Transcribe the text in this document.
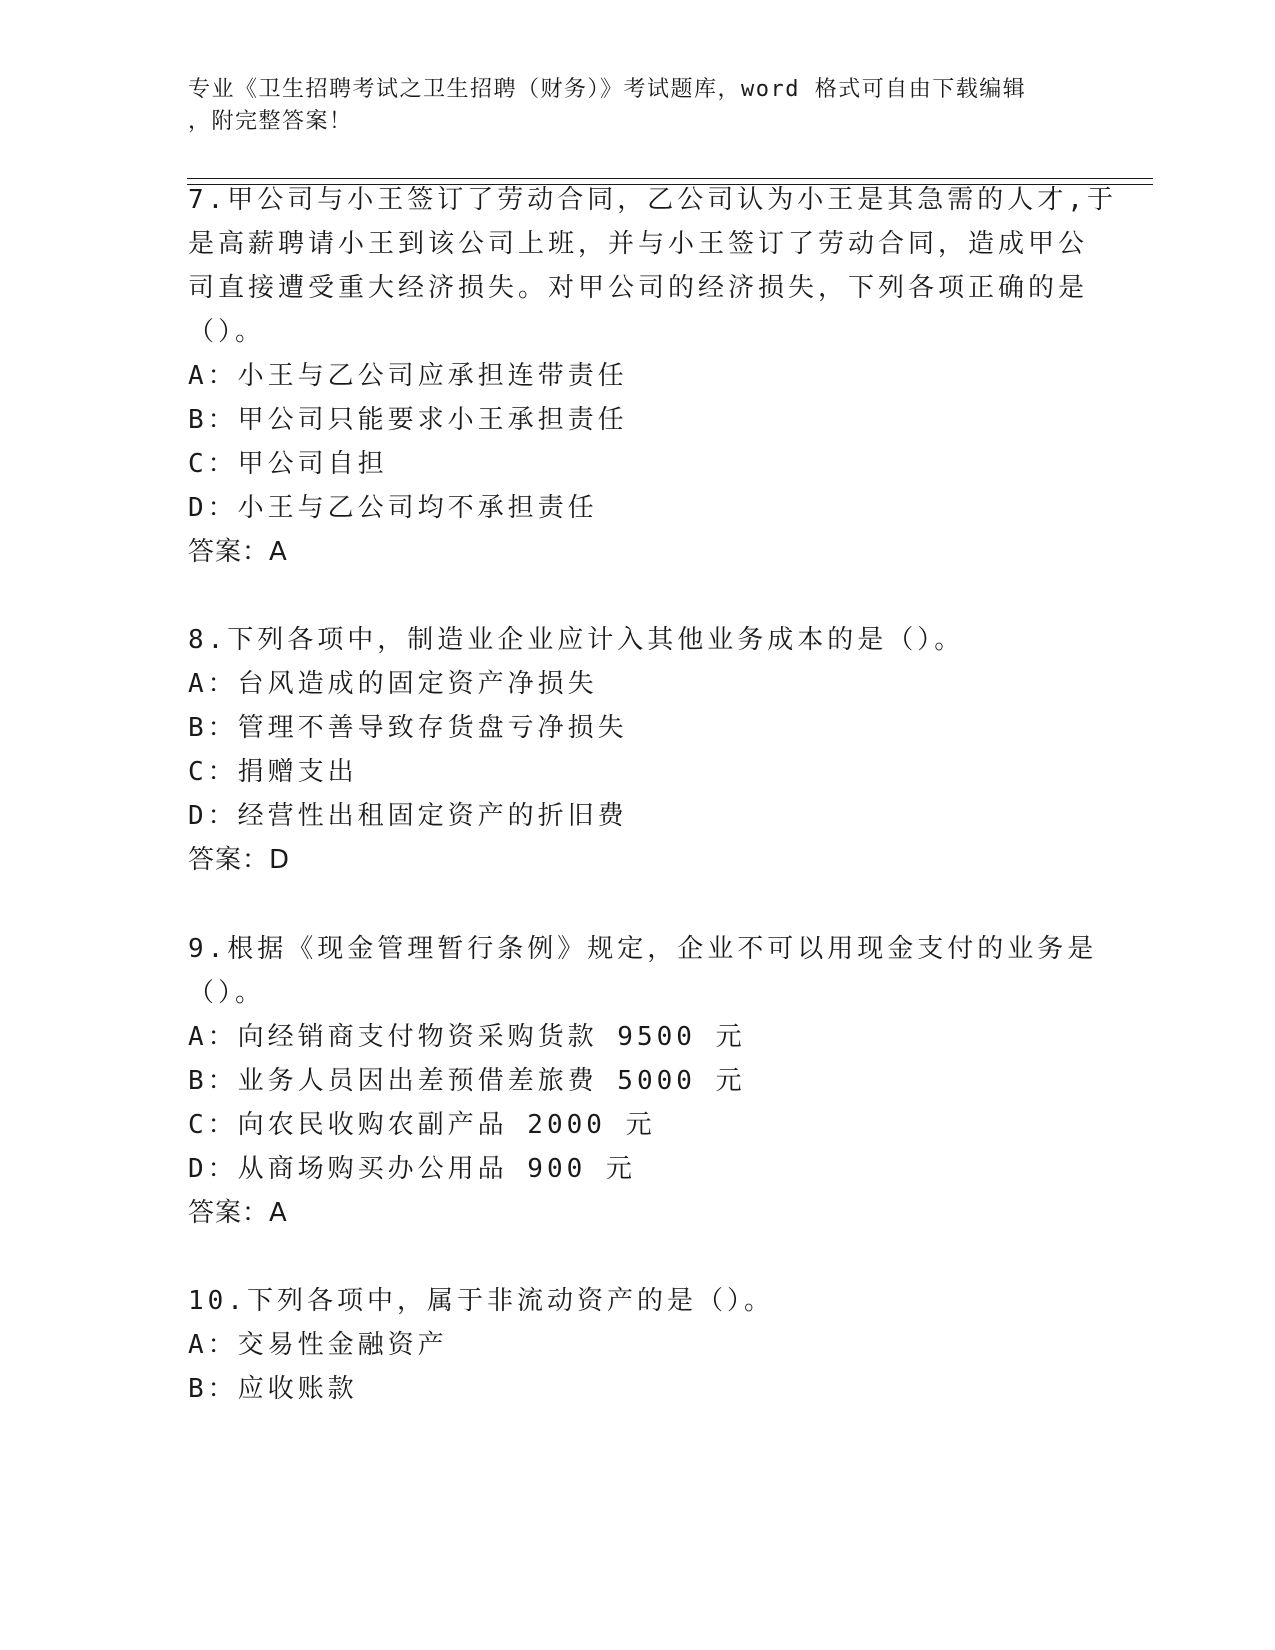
专业《卫生招聘考试之卫生招聘（财务）》考试题库，word 格式可自由下载编辑
，附完整答案！
7.甲公司与小王签订了劳动合同，乙公司认为小王是其急需的人才,于
是高薪聘请小王到该公司上班，并与小王签订了劳动合同，造成甲公
司直接遭受重大经济损失。对甲公司的经济损失，下列各项正确的是
（）。
A：小王与乙公司应承担连带责任
B：甲公司只能要求小王承担责任
C：甲公司自担
D：小王与乙公司均不承担责任
答案：A
8.下列各项中，制造业企业应计入其他业务成本的是（）。
A：台风造成的固定资产净损失
B：管理不善导致存货盘亏净损失
C：捐赠支出
D：经营性出租固定资产的折旧费
答案：D
9.根据《现金管理暂行条例》规定，企业不可以用现金支付的业务是
（）。
A：向经销商支付物资采购货款 9500 元
B：业务人员因出差预借差旅费 5000 元
C：向农民收购农副产品 2000 元
D：从商场购买办公用品 900 元
答案：A
10.下列各项中，属于非流动资产的是（）。
A：交易性金融资产
B：应收账款
